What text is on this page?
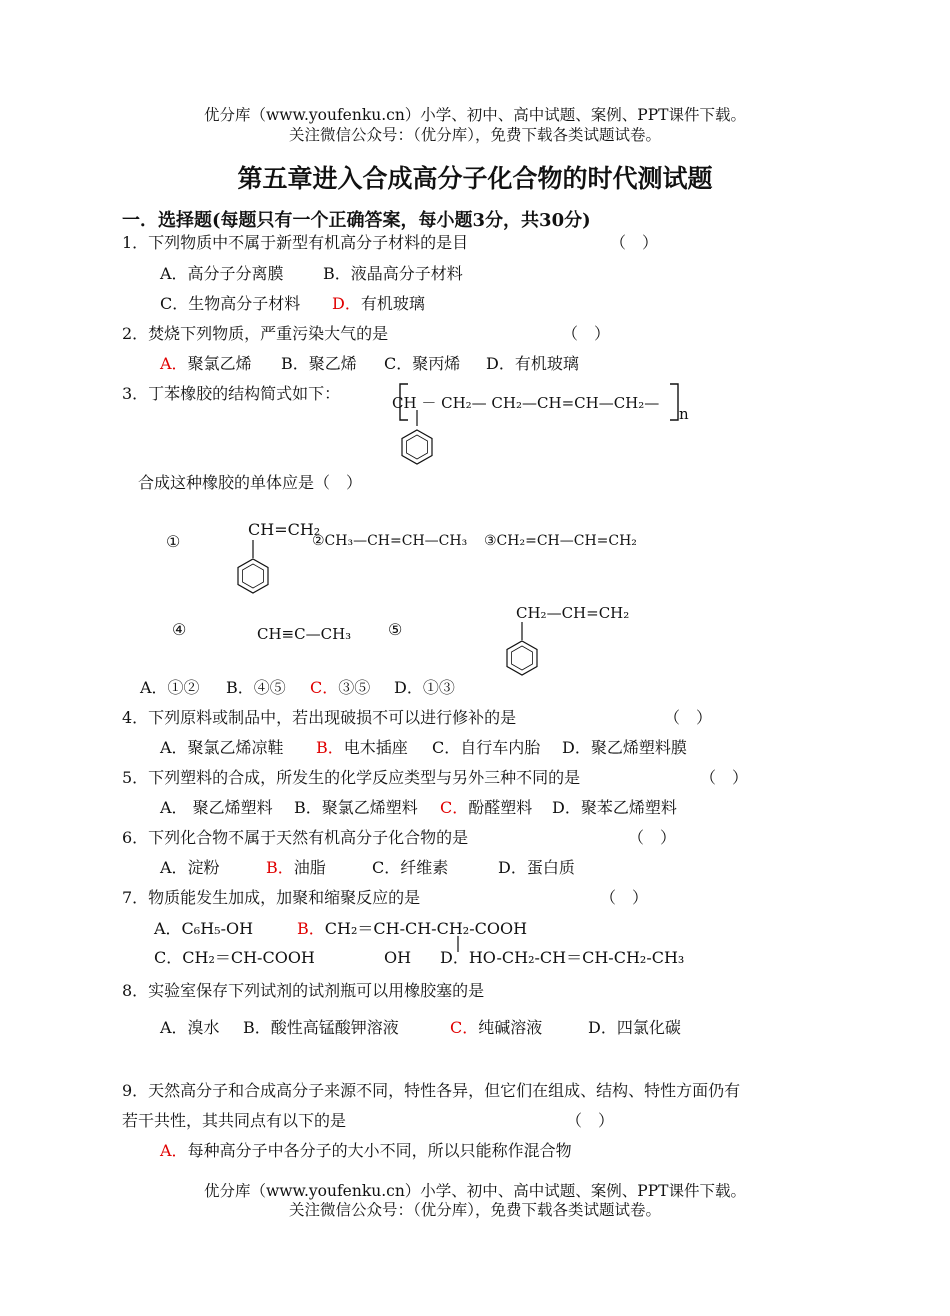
优分库（www.youfenku.cn）小学、初中、高中试题、案例、PPT课件下载。
关注微信公众号：（优分库），免费下载各类试题试卷。
第五章进入合成高分子化合物的时代测试题
一．选择题(每题只有一个正确答案，每小题3分，共30分)
1．下列物质中不属于新型有机高分子材料的是目	（　）
A．高分子分离膜 B．液晶高分子材料
C．生物高分子材料 D．有机玻璃
2．焚烧下列物质，严重污染大气的是	（　）
A．聚氯乙烯 B．聚乙烯 C．聚丙烯 D．有机玻璃
3．丁苯橡胶的结构简式如下：	CH － CH₂— CH₂—CH=CH—CH₂—
n
合成这种橡胶的单体应是（　）
①
CH=CH₂
②CH₃—CH=CH—CH₃ ③CH₂=CH—CH=CH₂
④	CH≡C—CH₃ ⑤
CH₂—CH=CH₂
A．①② B．④⑤ C．③⑤ D．①③
4．下列原料或制品中，若出现破损不可以进行修补的是	（　）
A．聚氯乙烯凉鞋 B．电木插座 C．自行车内胎 D．聚乙烯塑料膜
5．下列塑料的合成，所发生的化学反应类型与另外三种不同的是	（　）
A． 聚乙烯塑料 B．聚氯乙烯塑料 C．酚醛塑料 D．聚苯乙烯塑料
6．下列化合物不属于天然有机高分子化合物的是	（　）
A．淀粉	B．油脂	C．纤维素	D．蛋白质
7．物质能发生加成，加聚和缩聚反应的是	（　）
A．C₆H₅-OH	B．CH₂＝CH-CH-CH₂-COOH
C．CH₂＝CH-COOH	OH D．HO-CH₂-CH＝CH-CH₂-CH₃
8．实验室保存下列试剂的试剂瓶可以用橡胶塞的是
A．溴水 B．酸性高锰酸钾溶液	C．纯碱溶液	D．四氯化碳
9．天然高分子和合成高分子来源不同，特性各异，但它们在组成、结构、特性方面仍有
若干共性，其共同点有以下的是	（　）
A．每种高分子中各分子的大小不同，所以只能称作混合物
优分库（www.youfenku.cn）小学、初中、高中试题、案例、PPT课件下载。
关注微信公众号：（优分库），免费下载各类试题试卷。
